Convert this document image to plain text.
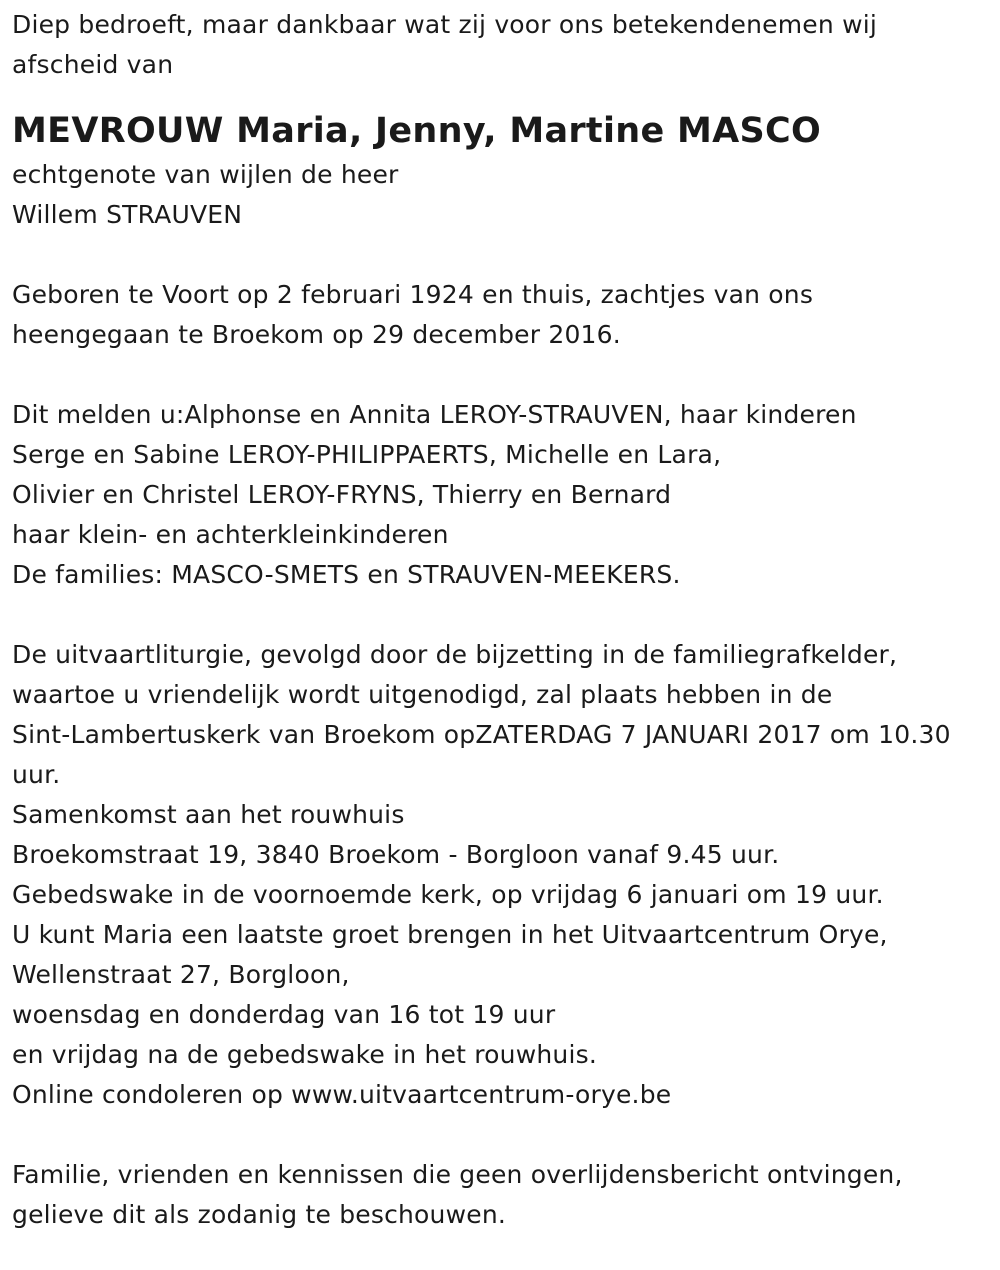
Diep bedroeft, maar dankbaar wat zij voor ons betekendenemen wij
afscheid van
MEVROUW Maria, Jenny, Martine MASCO
echtgenote van wijlen de heer
Willem STRAUVEN
Geboren te Voort op 2 februari 1924 en thuis, zachtjes van ons
heengegaan te Broekom op 29 december 2016.
Dit melden u:Alphonse en Annita LEROY-STRAUVEN, haar kinderen
Serge en Sabine LEROY-PHILIPPAERTS, Michelle en Lara,
Olivier en Christel LEROY-FRYNS, Thierry en Bernard
haar klein- en achterkleinkinderen
De families: MASCO-SMETS en STRAUVEN-MEEKERS.
De uitvaartliturgie, gevolgd door de bijzetting in de familiegrafkelder,
waartoe u vriendelijk wordt uitgenodigd, zal plaats hebben in de
Sint-Lambertuskerk van Broekom opZATERDAG 7 JANUARI 2017 om 10.30
uur.
Samenkomst aan het rouwhuis
Broekomstraat 19, 3840 Broekom - Borgloon vanaf 9.45 uur.
Gebedswake in de voornoemde kerk, op vrijdag 6 januari om 19 uur.
U kunt Maria een laatste groet brengen in het Uitvaartcentrum Orye,
Wellenstraat 27, Borgloon,
woensdag en donderdag van 16 tot 19 uur
en vrijdag na de gebedswake in het rouwhuis.
Online condoleren op www.uitvaartcentrum-orye.be
Familie, vrienden en kennissen die geen overlijdensbericht ontvingen,
gelieve dit als zodanig te beschouwen.
